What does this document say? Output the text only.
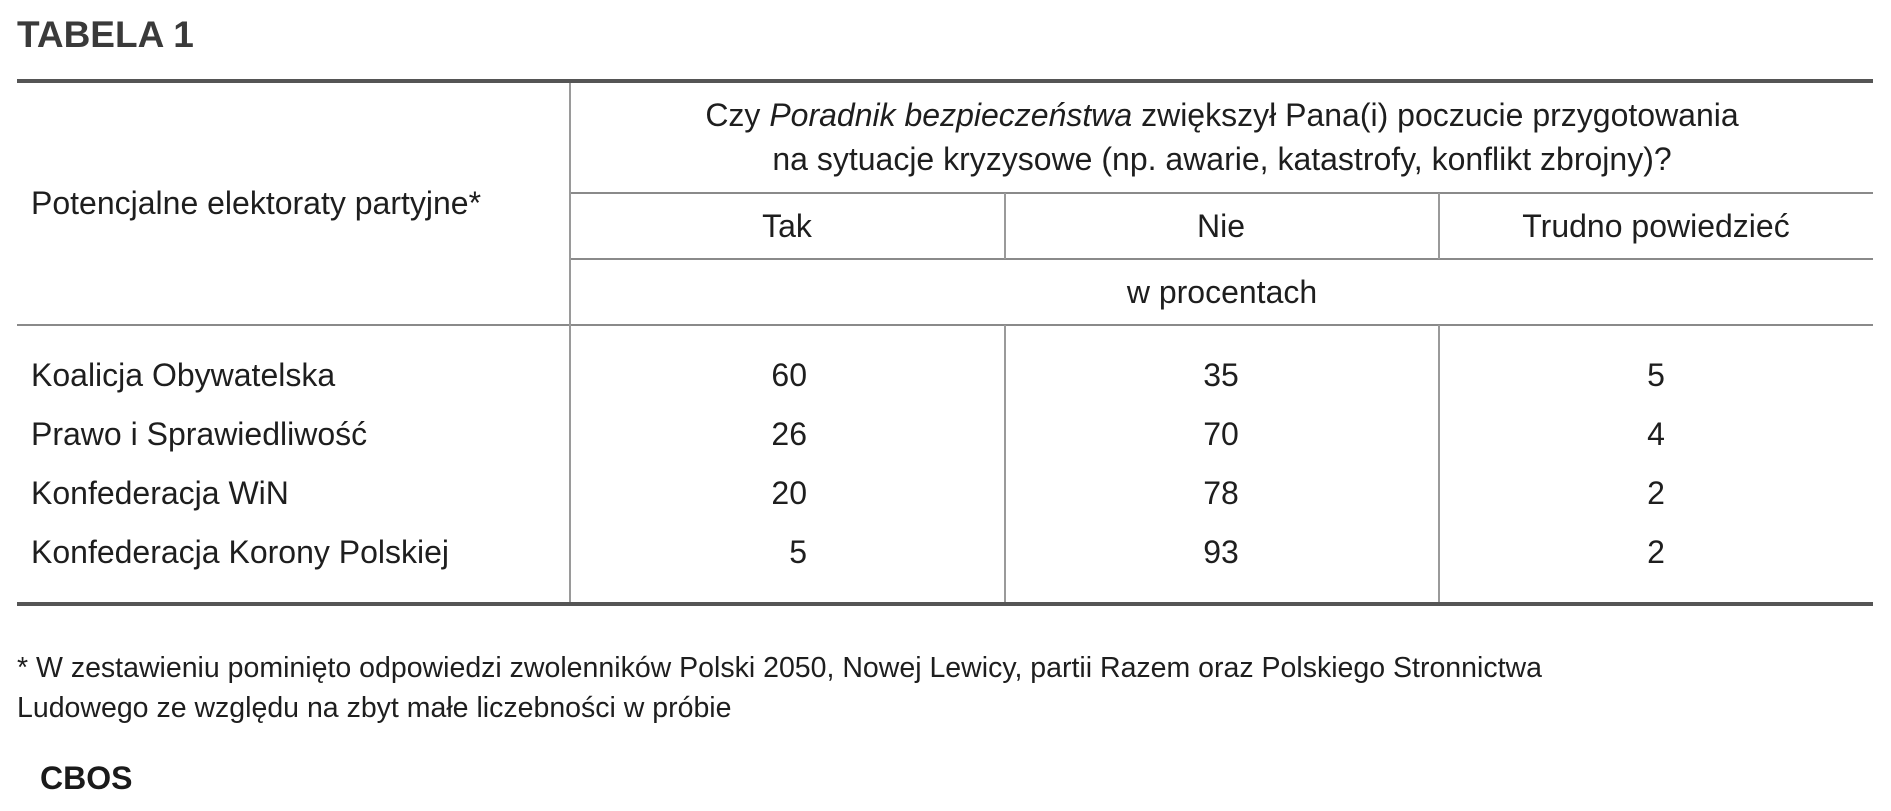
TABELA 1
Potencjalne elektoraty partyjne*
Czy Poradnik bezpieczeństwa zwiększył Pana(i) poczucie przygotowania
na sytuacje kryzysowe (np. awarie, katastrofy, konflikt zbrojny)?
Tak	Nie	Trudno powiedzieć
w procentach
Koalicja Obywatelska	60	35	5
Prawo i Sprawiedliwość	26	70	4
Konfederacja WiN	20	78	2
Konfederacja Korony Polskiej	5	93	2
* W zestawieniu pominięto odpowiedzi zwolenników Polski 2050, Nowej Lewicy, partii Razem oraz Polskiego Stronnictwa
Ludowego ze względu na zbyt małe liczebności w próbie
CBOS
